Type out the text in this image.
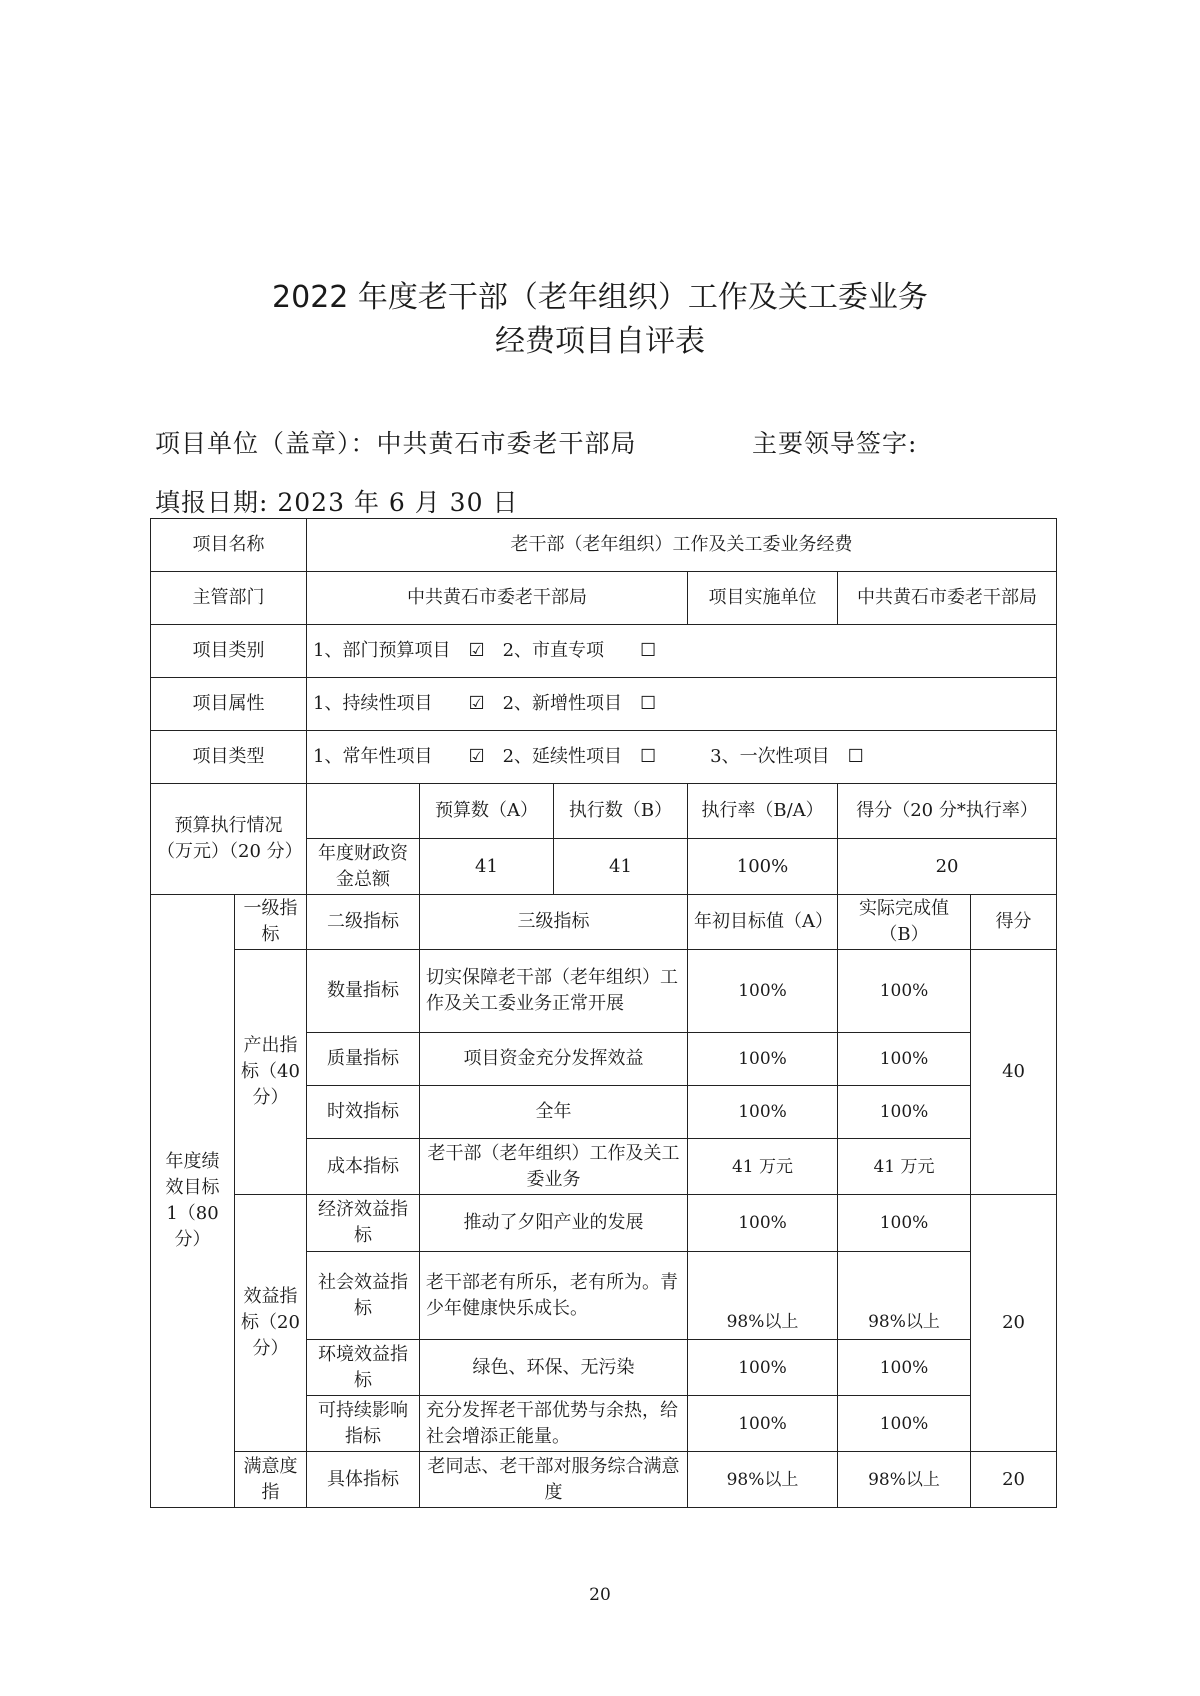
2022 年度老干部（老年组织）工作及关工委业务
经费项目自评表
项目单位（盖章）：中共黄石市委老干部局	主要领导签字:
填报日期: 2023 年 6 月 30 日
项目名称		老干部（老年组织）工作及关工委业务经费					
主管部门		中共黄石市委老干部局			项目实施单位	中共黄石市委老干部局	
项目类别		1、部门预算项目　☑　2、市直专项　　☐					
项目属性		1、持续性项目　　☑　2、新增性项目　☐					
项目类型		1、常年性项目　　☑　2、延续性项目　☐　　　3、一次性项目　☐					
预算执行情况（万元）（20 分）			预算数（A）	执行数（B）	执行率（B/A）	得分（20 分*执行率）	
		年度财政资金总额	41	41	100%	20	
年度绩效目标 1（80 分）	一级指标	二级指标	三级指标		年初目标值（A）	实际完成值（B）	得分
	产出指标（40 分）	数量指标	切实保障老干部（老年组织）工作及关工委业务正常开展		100%	100%	40
		质量指标	项目资金充分发挥效益		100%	100%	
		时效指标	全年		100%	100%	
		成本指标	老干部（老年组织）工作及关工委业务		41 万元	41 万元	
	效益指标（20 分）	经济效益指标	推动了夕阳产业的发展		100%	100%	20
		社会效益指标	老干部老有所乐，老有所为。青少年健康快乐成长。		98%以上	98%以上	
		环境效益指标	绿色、环保、无污染		100%	100%	
		可持续影响指标	充分发挥老干部优势与余热，给社会增添正能量。		100%	100%	
	满意度指	具体指标	老同志、老干部对服务综合满意度		98%以上	98%以上	20
20
